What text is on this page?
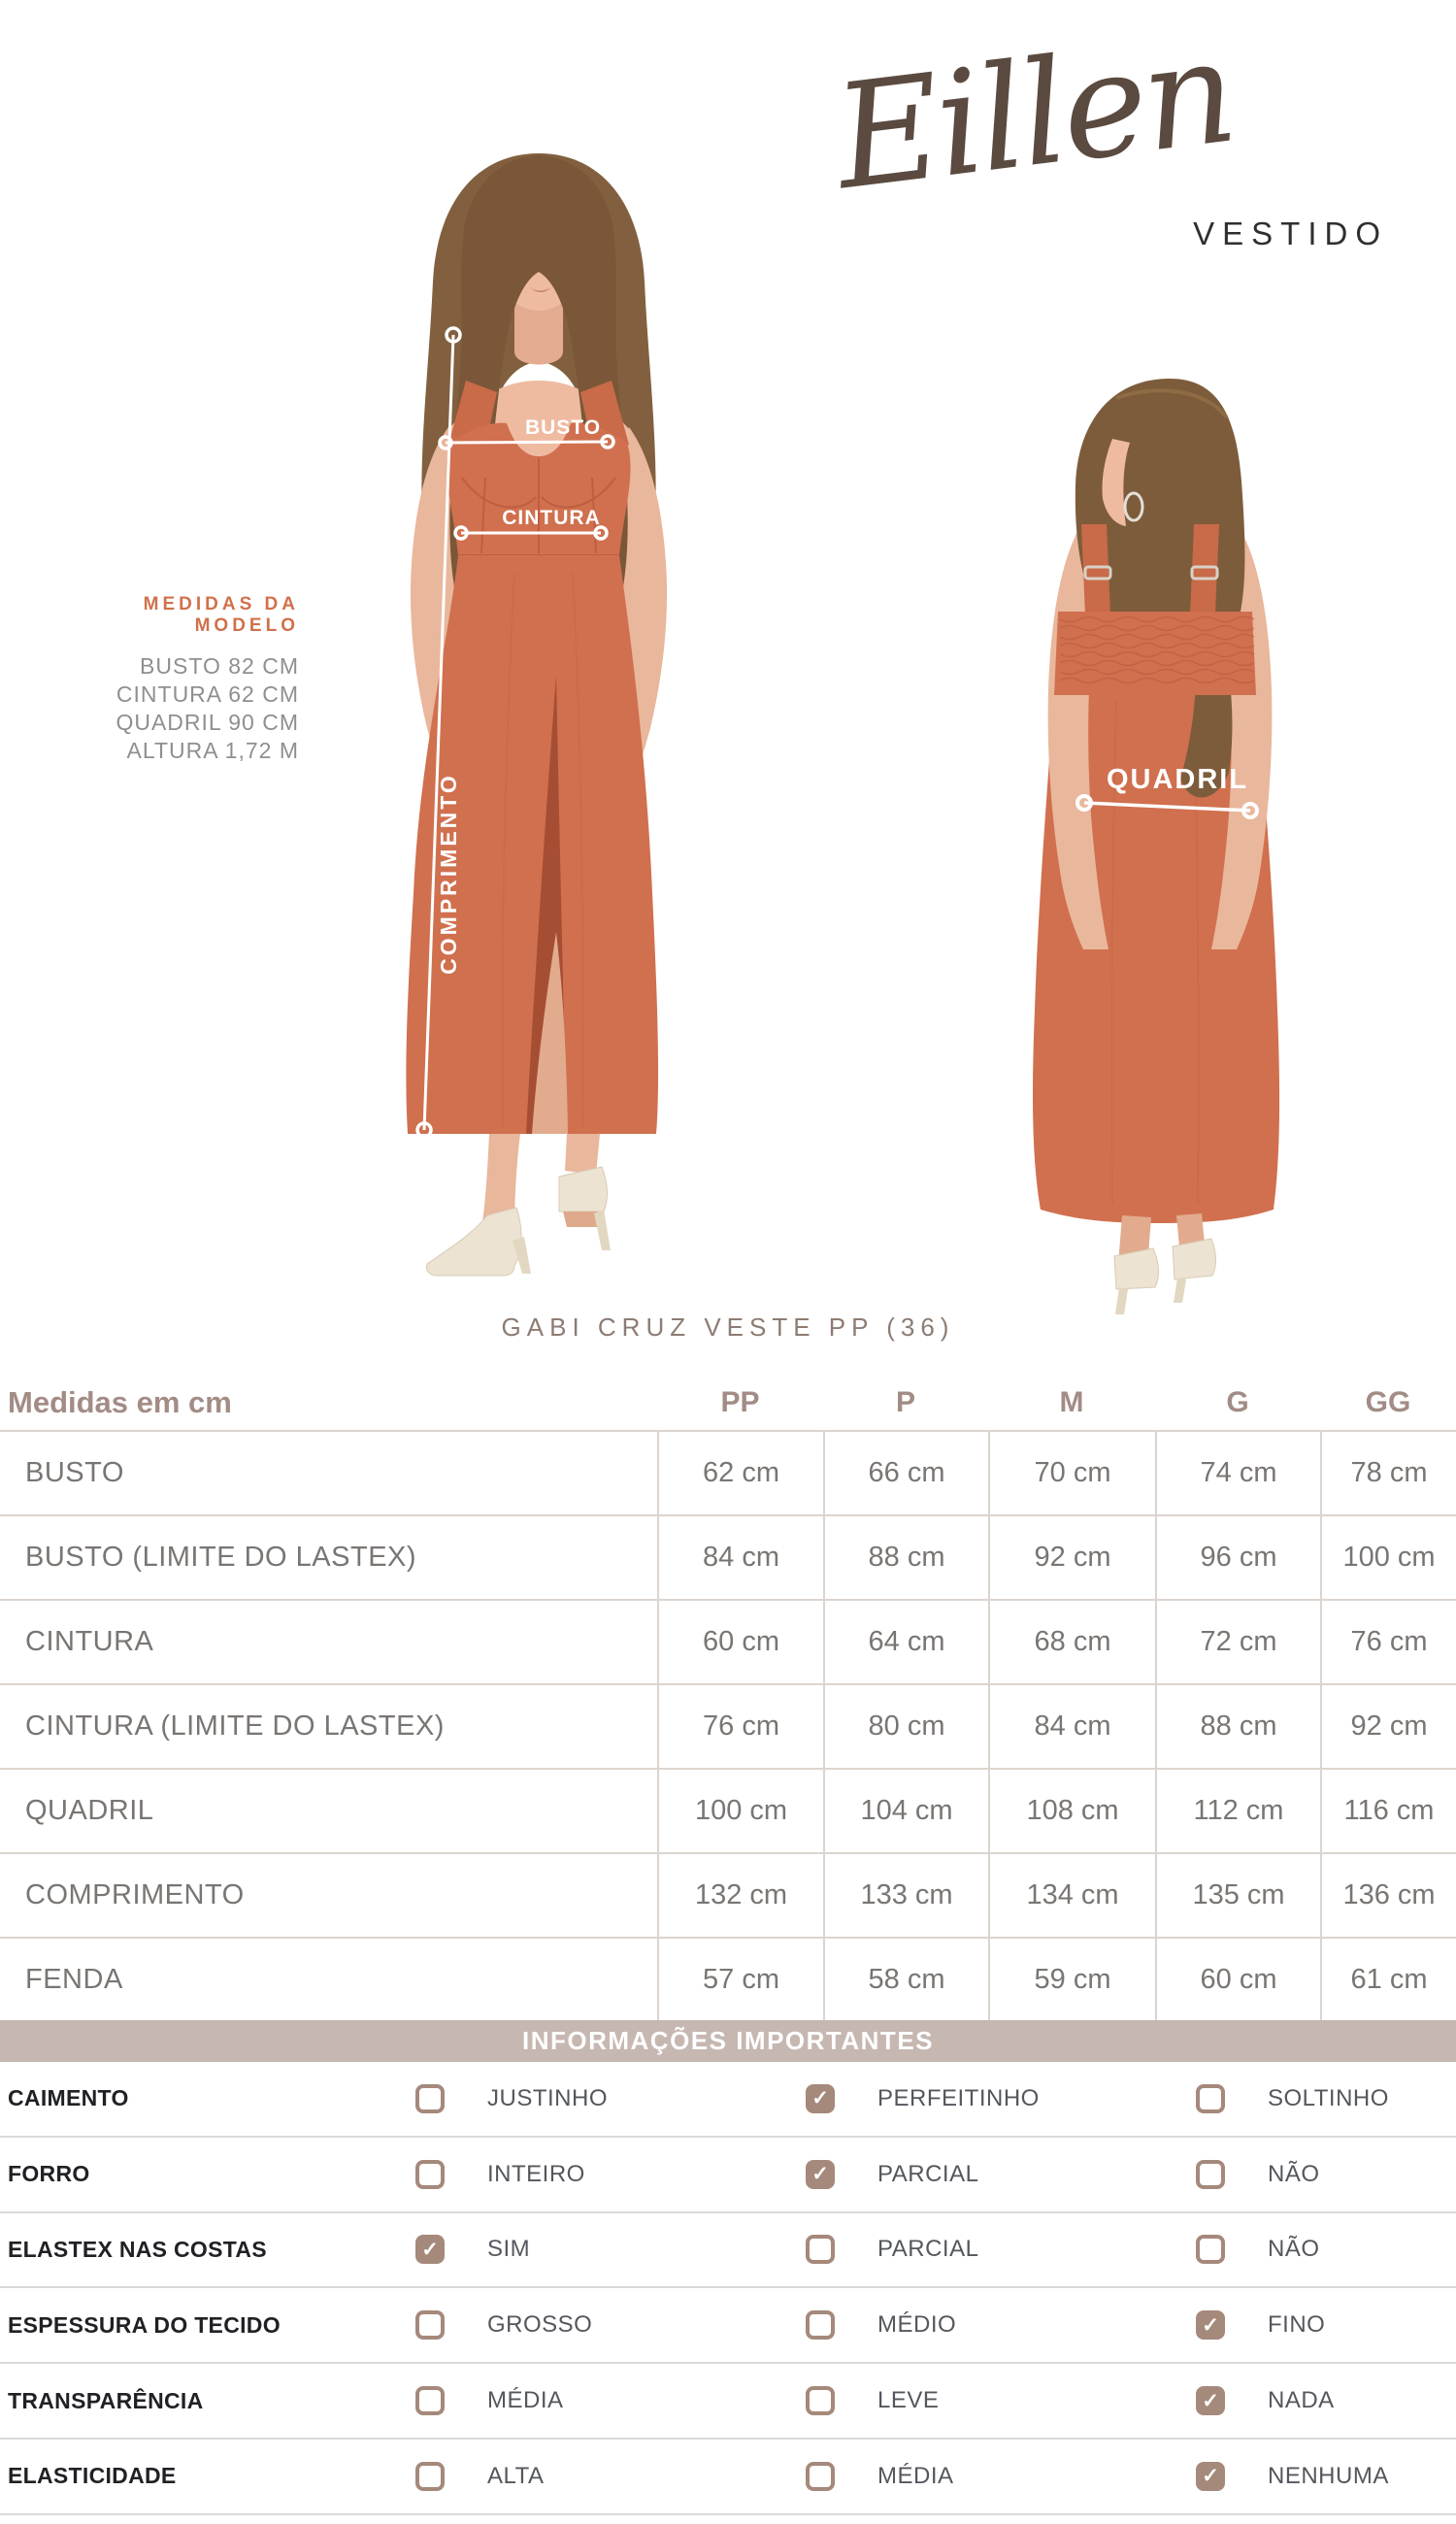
Eillen
VESTIDO
MEDIDAS DA MODELO
BUSTO 82 CM
CINTURA 62 CM
QUADRIL 90 CM
ALTURA 1,72 M
COMPRIMENTO
BUSTO
CINTURA
QUADRIL
GABI CRUZ VESTE PP (36)
Medidas em cm	PP	P	M	G	GG
BUSTO	62 cm	66 cm	70 cm	74 cm	78 cm
BUSTO (LIMITE DO LASTEX)	84 cm	88 cm	92 cm	96 cm	100 cm
CINTURA	60 cm	64 cm	68 cm	72 cm	76 cm
CINTURA (LIMITE DO LASTEX)	76 cm	80 cm	84 cm	88 cm	92 cm
QUADRIL	100 cm	104 cm	108 cm	112 cm	116 cm
COMPRIMENTO	132 cm	133 cm	134 cm	135 cm	136 cm
FENDA	57 cm	58 cm	59 cm	60 cm	61 cm
INFORMAÇÕES IMPORTANTES
CAIMENTO	JUSTINHO	✓ PERFEITINHO	SOLTINHO
FORRO	INTEIRO	✓ PARCIAL	NÃO
ELASTEX NAS COSTAS	✓ SIM	PARCIAL	NÃO
ESPESSURA DO TECIDO	GROSSO	MÉDIO	✓ FINO
TRANSPARÊNCIA	MÉDIA	LEVE	✓ NADA
ELASTICIDADE	ALTA	MÉDIA	✓ NENHUMA
